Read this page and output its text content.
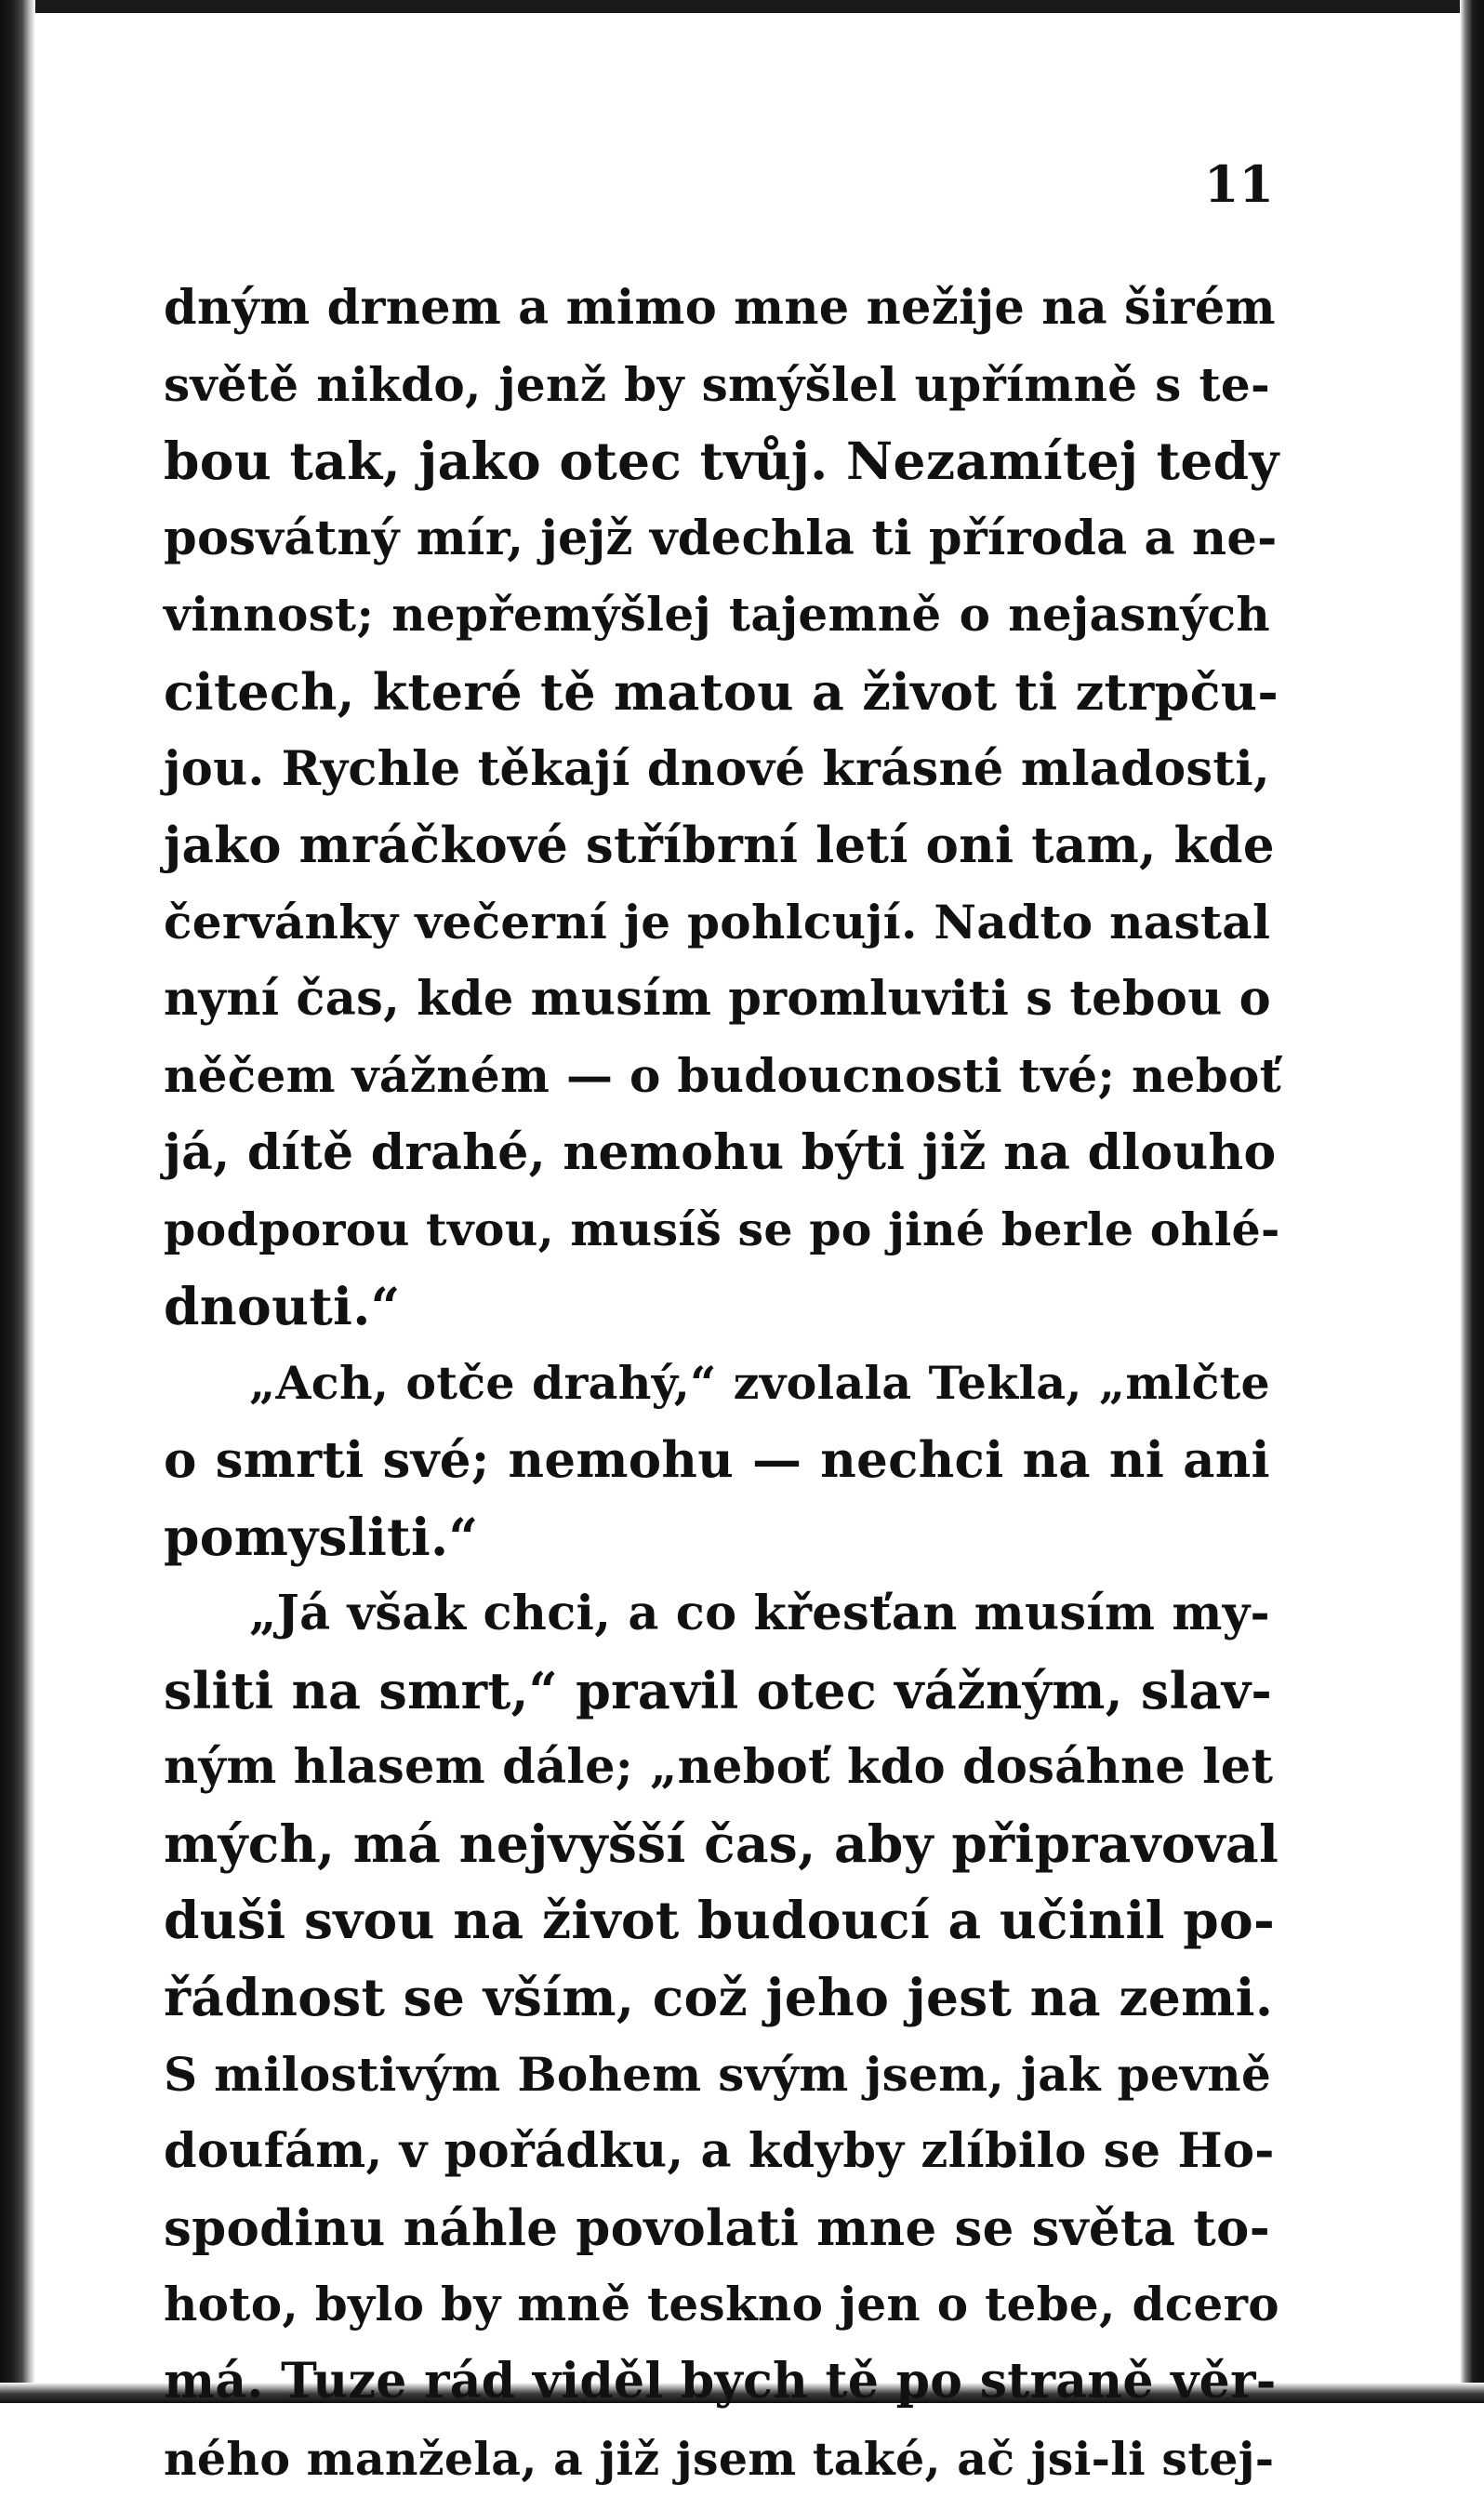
11
dným drnem a mimo mne nežije na širém
světě nikdo, jenž by smýšlel upřímně s te-
bou tak, jako otec tvůj. Nezamítej tedy
posvátný mír, jejž vdechla ti příroda a ne-
vinnost; nepřemýšlej tajemně o nejasných
citech, které tě matou a život ti ztrpču-
jou. Rychle těkají dnové krásné mladosti,
jako mráčkové stříbrní letí oni tam, kde
červánky večerní je pohlcují. Nadto nastal
nyní čas, kde musím promluviti s tebou o
něčem vážném — o budoucnosti tvé; neboť
já, dítě drahé, nemohu býti již na dlouho
podporou tvou, musíš se po jiné berle ohlé-
dnouti.“
„Ach, otče drahý,“ zvolala Tekla, „mlčte
o smrti své; nemohu — nechci na ni ani
pomysliti.“
„Já však chci, a co křesťan musím my-
sliti na smrt,“ pravil otec vážným, slav-
ným hlasem dále; „neboť kdo dosáhne let
mých, má nejvyšší čas, aby připravoval
duši svou na život budoucí a učinil po-
řádnost se vším, což jeho jest na zemi.
S milostivým Bohem svým jsem, jak pevně
doufám, v pořádku, a kdyby zlíbilo se Ho-
spodinu náhle povolati mne se světa to-
hoto, bylo by mně teskno jen o tebe, dcero
má. Tuze rád viděl bych tě po straně věr-
ného manžela, a již jsem také, ač jsi-li stej-
